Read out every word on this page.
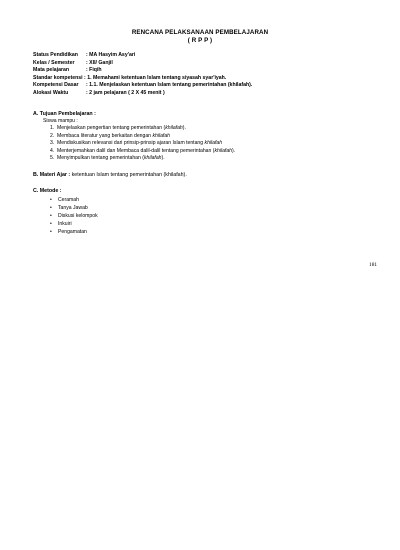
RENCANA PELAKSANAAN PEMBELAJARAN
( R P P )
Status Pendidikan : MA Hasyim Asy'ari
Kelas / Semester : XII/ Ganjil
Mata pelajaran	: Fiqih
Standar kompetensi : 1. Memahami ketentuan Islam tentang siyasah syar'iyah.
Kompetensi Dasar : 1.1. Menjelaskan ketentuan Islam tentang pemerintahan (khilafah).
Alokasi Waktu	: 2 jam pelajaran ( 2 X 45 menit )
A. Tujuan Pembelajaran :
Siswa mampu :
1. Menjelaskan pengertian tentang pemerintahan (khilafah).
2. Membaca literatur yang berkaitan dengan khilafah
3. Mendiskusikan relevansi dari prinsip-prinsip ajaran Islam tentang khilafah
4. Menterjemahkan dalil dan Membaca dalil-dalil tentang pemerintahan (khilafah).
5. Menyimpulkan tentang pemerintahan (khilafah).
B. Materi Ajar : ketentuan Islam tentang pemerintahan (khilafah).
C. Metode :
• Ceramah
• Tanya Jawab
• Diskusi kelompok
• Inkuiri
• Pengamatan
181
